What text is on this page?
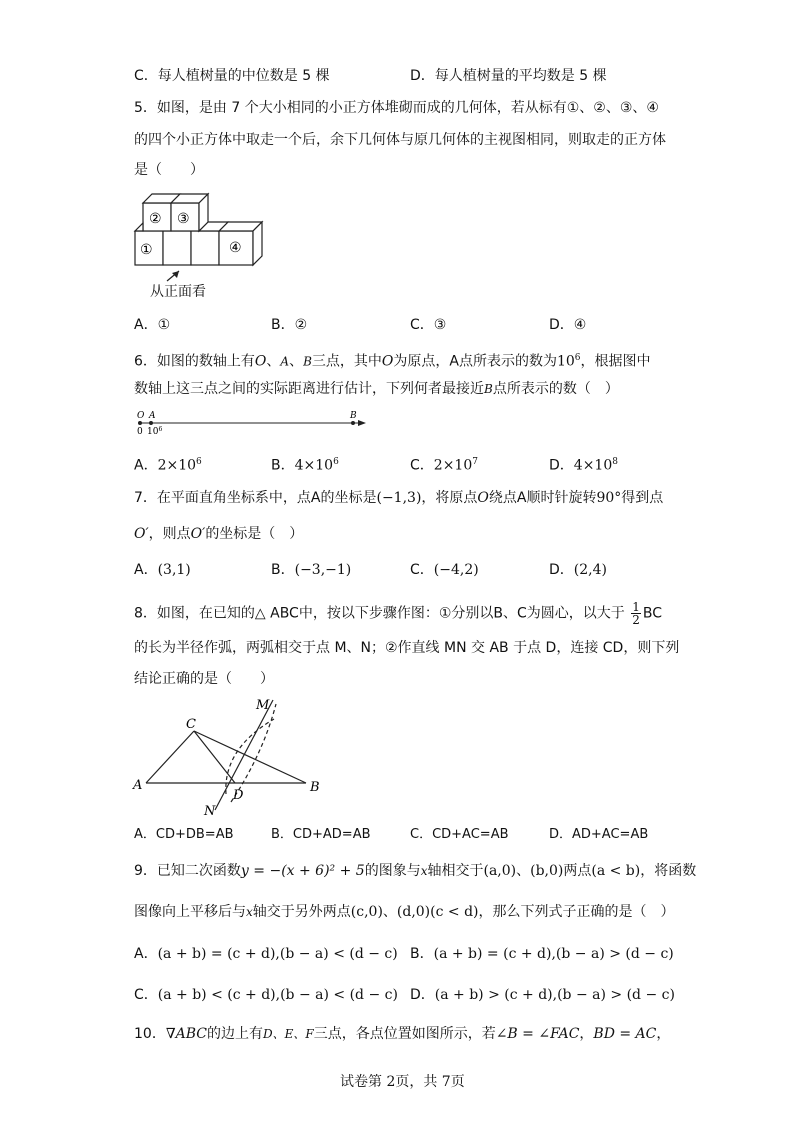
C．每人植树量的中位数是 5 棵	D．每人植树量的平均数是 5 棵
5．如图，是由 7 个大小相同的小正方体堆砌而成的几何体，若从标有①、②、③、④
的四个小正方体中取走一个后，余下几何体与原几何体的主视图相同，则取走的正方体
是（　　）
①
② ③
④
从正面看
A．①	B．②	C．③	D．④
6．如图的数轴上有O、A、B三点，其中O为原点，A点所表示的数为$10^6$，根据图中
数轴上这三点之间的实际距离进行估计，下列何者最接近B点所表示的数（　）
O A	B
0 $10^6$
A．$2\times 10^6$	B．$4\times 10^6$	C．$2\times 10^7$	D．$4\times 10^8$
7．在平面直角坐标系中，点A的坐标是(−1,3)，将原点O绕点A顺时针旋转90°得到点
O′，则点O′的坐标是（　）
A．(3,1)	B．(−3,−1)	C．(−4,2)	D．(2,4)
8．如图，在已知的△ ABC中，按以下步骤作图：①分别以B、C为圆心，以大于 $\frac{1}{2}$ BC
的长为半径作弧，两弧相交于点 M、N；②作直线 MN 交 AB 于点 D，连接 CD，则下列
结论正确的是（　　）
A	B
C
D
M
N
A．CD+DB=AB	B．CD+AD=AB	C．CD+AC=AB	D．AD+AC=AB
9．已知二次函数y = −(x + 6)² + 5的图象与x轴相交于(a,0)、(b,0)两点(a < b)，将函数
图像向上平移后与x轴交于另外两点(c,0)、(d,0)(c < d)，那么下列式子正确的是（　）
A．(a + b) = (c + d),(b − a) < (d − c) B．(a + b) = (c + d),(b − a) > (d − c)
C．(a + b) < (c + d),(b − a) < (d − c) D．(a + b) > (c + d),(b − a) > (d − c)
10．∇ABC的边上有D、E、F三点，各点位置如图所示，若∠B = ∠FAC，BD = AC，
试卷第 2页，共 7页
